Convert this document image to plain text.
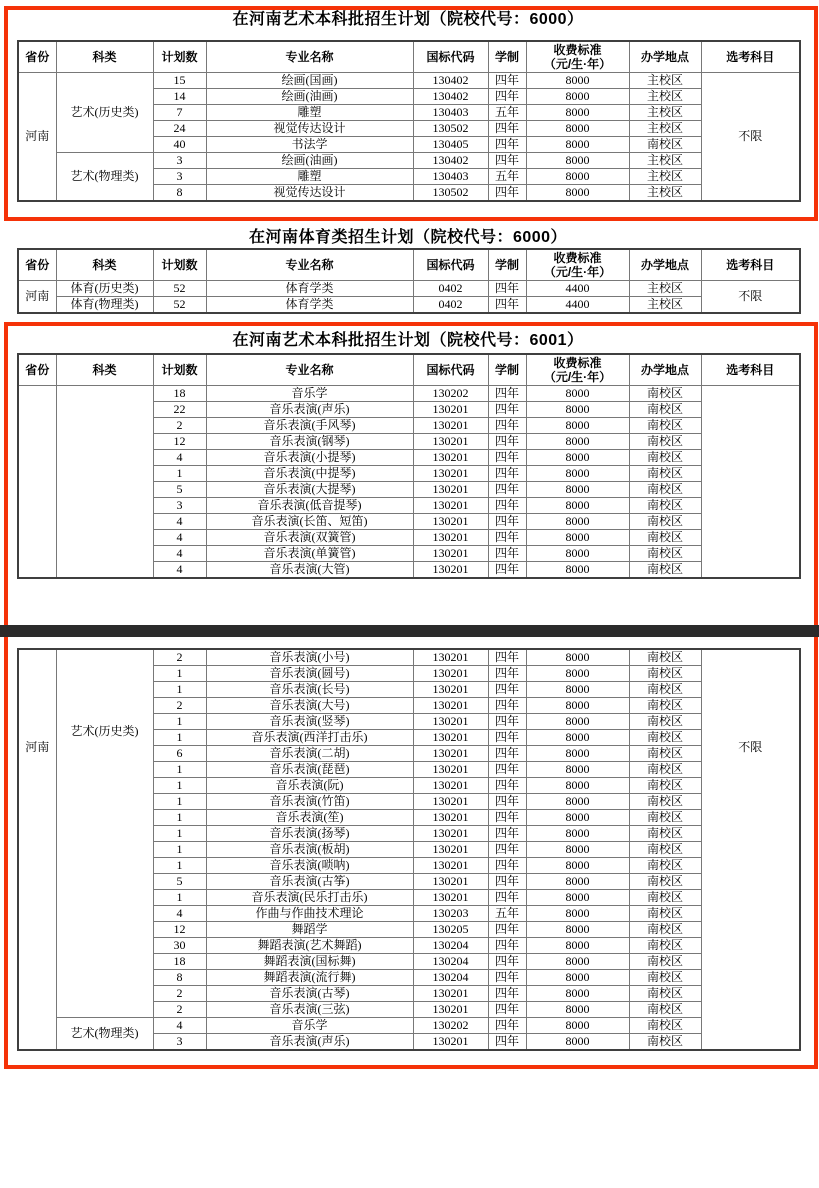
在河南艺术本科批招生计划（院校代号：6000）
省份	科类	计划数	专业名称	国标代码	学制	收费标准
（元/生·年）	办学地点	选考科目
河南	艺术(历史类)	15	绘画(国画)	130402	四年	8000	主校区	不限
		14	绘画(油画)	130402	四年	8000	主校区	
		7	雕塑	130403	五年	8000	主校区	
		24	视觉传达设计	130502	四年	8000	主校区	
		40	书法学	130405	四年	8000	南校区	
	艺术(物理类)	3	绘画(油画)	130402	四年	8000	主校区	
		3	雕塑	130403	五年	8000	主校区	
		8	视觉传达设计	130502	四年	8000	主校区	
在河南体育类招生计划（院校代号：6000）
省份	科类	计划数	专业名称	国标代码	学制	收费标准
（元/生·年）	办学地点	选考科目
河南	体育(历史类)	52	体育学类	0402	四年	4400	主校区	不限
	体育(物理类)	52	体育学类	0402	四年	4400	主校区	
在河南艺术本科批招生计划（院校代号：6001）
省份	科类	计划数	专业名称	国标代码	学制	收费标准
（元/生·年）	办学地点	选考科目
		18	音乐学	130202	四年	8000	南校区	
		22	音乐表演(声乐)	130201	四年	8000	南校区	
		2	音乐表演(手风琴)	130201	四年	8000	南校区	
		12	音乐表演(钢琴)	130201	四年	8000	南校区	
		4	音乐表演(小提琴)	130201	四年	8000	南校区	
		1	音乐表演(中提琴)	130201	四年	8000	南校区	
		5	音乐表演(大提琴)	130201	四年	8000	南校区	
		3	音乐表演(低音提琴)	130201	四年	8000	南校区	
		4	音乐表演(长笛、短笛)	130201	四年	8000	南校区	
		4	音乐表演(双簧管)	130201	四年	8000	南校区	
		4	音乐表演(单簧管)	130201	四年	8000	南校区	
		4	音乐表演(大管)	130201	四年	8000	南校区	
河南	艺术(历史类)	2	音乐表演(小号)	130201	四年	8000	南校区	不限
		1	音乐表演(圆号)	130201	四年	8000	南校区	
		1	音乐表演(长号)	130201	四年	8000	南校区	
		2	音乐表演(大号)	130201	四年	8000	南校区	
		1	音乐表演(竖琴)	130201	四年	8000	南校区	
		1	音乐表演(西洋打击乐)	130201	四年	8000	南校区	
		6	音乐表演(二胡)	130201	四年	8000	南校区	
		1	音乐表演(琵琶)	130201	四年	8000	南校区	
		1	音乐表演(阮)	130201	四年	8000	南校区	
		1	音乐表演(竹笛)	130201	四年	8000	南校区	
		1	音乐表演(笙)	130201	四年	8000	南校区	
		1	音乐表演(扬琴)	130201	四年	8000	南校区	
		1	音乐表演(板胡)	130201	四年	8000	南校区	
		1	音乐表演(唢呐)	130201	四年	8000	南校区	
		5	音乐表演(古筝)	130201	四年	8000	南校区	
		1	音乐表演(民乐打击乐)	130201	四年	8000	南校区	
		4	作曲与作曲技术理论	130203	五年	8000	南校区	
		12	舞蹈学	130205	四年	8000	南校区	
		30	舞蹈表演(艺术舞蹈)	130204	四年	8000	南校区	
		18	舞蹈表演(国标舞)	130204	四年	8000	南校区	
		8	舞蹈表演(流行舞)	130204	四年	8000	南校区	
		2	音乐表演(古琴)	130201	四年	8000	南校区	
		2	音乐表演(三弦)	130201	四年	8000	南校区	
	艺术(物理类)	4	音乐学	130202	四年	8000	南校区	
		3	音乐表演(声乐)	130201	四年	8000	南校区	
